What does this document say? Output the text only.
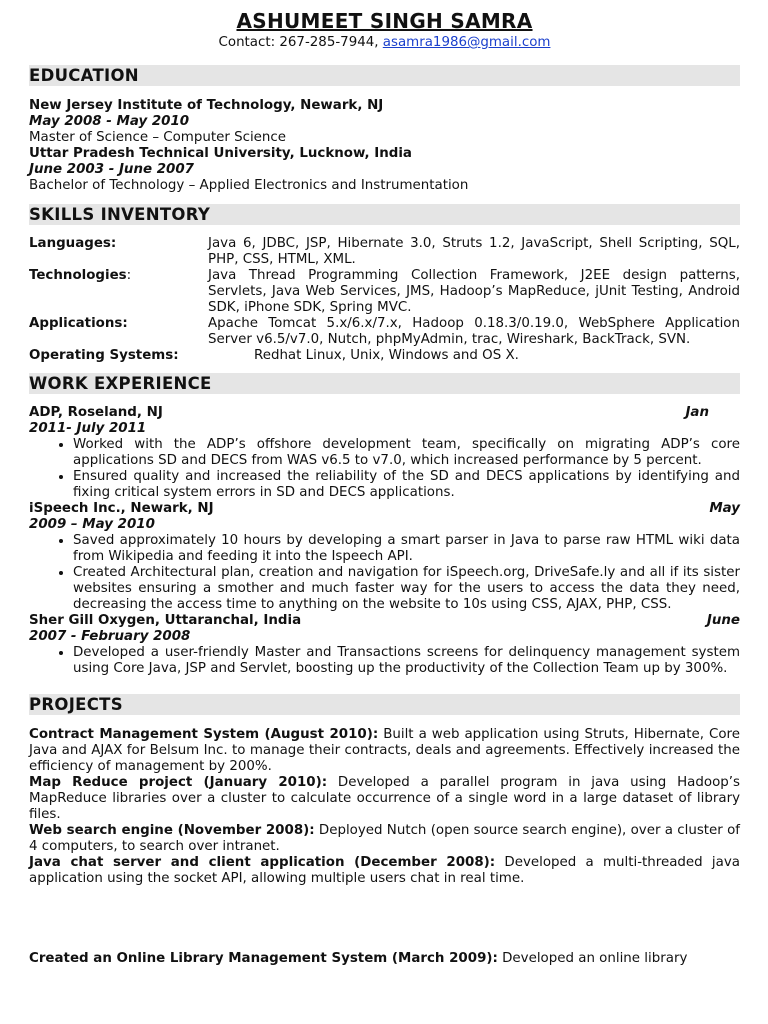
ASHUMEET SINGH SAMRA
Contact: 267-285-7944, asamra1986@gmail.com
EDUCATION
New Jersey Institute of Technology, Newark, NJ
May 2008 - May 2010
Master of Science – Computer Science
Uttar Pradesh Technical University, Lucknow, India
June 2003 - June 2007
Bachelor of Technology – Applied Electronics and Instrumentation
SKILLS INVENTORY
Languages:	Java 6, JDBC, JSP, Hibernate 3.0, Struts 1.2, JavaScript, Shell Scripting, SQL, PHP, CSS, HTML, XML.
Technologies:	Java Thread Programming Collection Framework, J2EE design patterns, Servlets, Java Web Services, JMS, Hadoop’s MapReduce, jUnit Testing, Android SDK, iPhone SDK, Spring MVC.
Applications:	Apache Tomcat 5.x/6.x/7.x, Hadoop 0.18.3/0.19.0, WebSphere Application Server v6.5/v7.0, Nutch, phpMyAdmin, trac, Wireshark, BackTrack, SVN.
Operating Systems:	Redhat Linux, Unix, Windows and OS X.
WORK EXPERIENCE
ADP, Roseland, NJ	Jan
2011- July 2011
• Worked with the ADP’s offshore development team, specifically on migrating ADP’s core applications SD and DECS from WAS v6.5 to v7.0, which increased performance by 5 percent.
• Ensured quality and increased the reliability of the SD and DECS applications by identifying and fixing critical system errors in SD and DECS applications.
iSpeech Inc., Newark, NJ	May
2009 – May 2010
• Saved approximately 10 hours by developing a smart parser in Java to parse raw HTML wiki data from Wikipedia and feeding it into the Ispeech API.
• Created Architectural plan, creation and navigation for iSpeech.org, DriveSafe.ly and all if its sister websites ensuring a smother and much faster way for the users to access the data they need, decreasing the access time to anything on the website to 10s using CSS, AJAX, PHP, CSS.
Sher Gill Oxygen, Uttaranchal, India	June
2007 - February 2008
• Developed a user-friendly Master and Transactions screens for delinquency management system using Core Java, JSP and Servlet, boosting up the productivity of the Collection Team up by 300%.
PROJECTS
Contract Management System (August 2010): Built a web application using Struts, Hibernate, Core Java and AJAX for Belsum Inc. to manage their contracts, deals and agreements. Effectively increased the efficiency of management by 200%.
Map Reduce project (January 2010): Developed a parallel program in java using Hadoop’s MapReduce libraries over a cluster to calculate occurrence of a single word in a large dataset of library files.
Web search engine (November 2008): Deployed Nutch (open source search engine), over a cluster of 4 computers, to search over intranet.
Java chat server and client application (December 2008): Developed a multi-threaded java application using the socket API, allowing multiple users chat in real time.
Created an Online Library Management System (March 2009): Developed an online library
